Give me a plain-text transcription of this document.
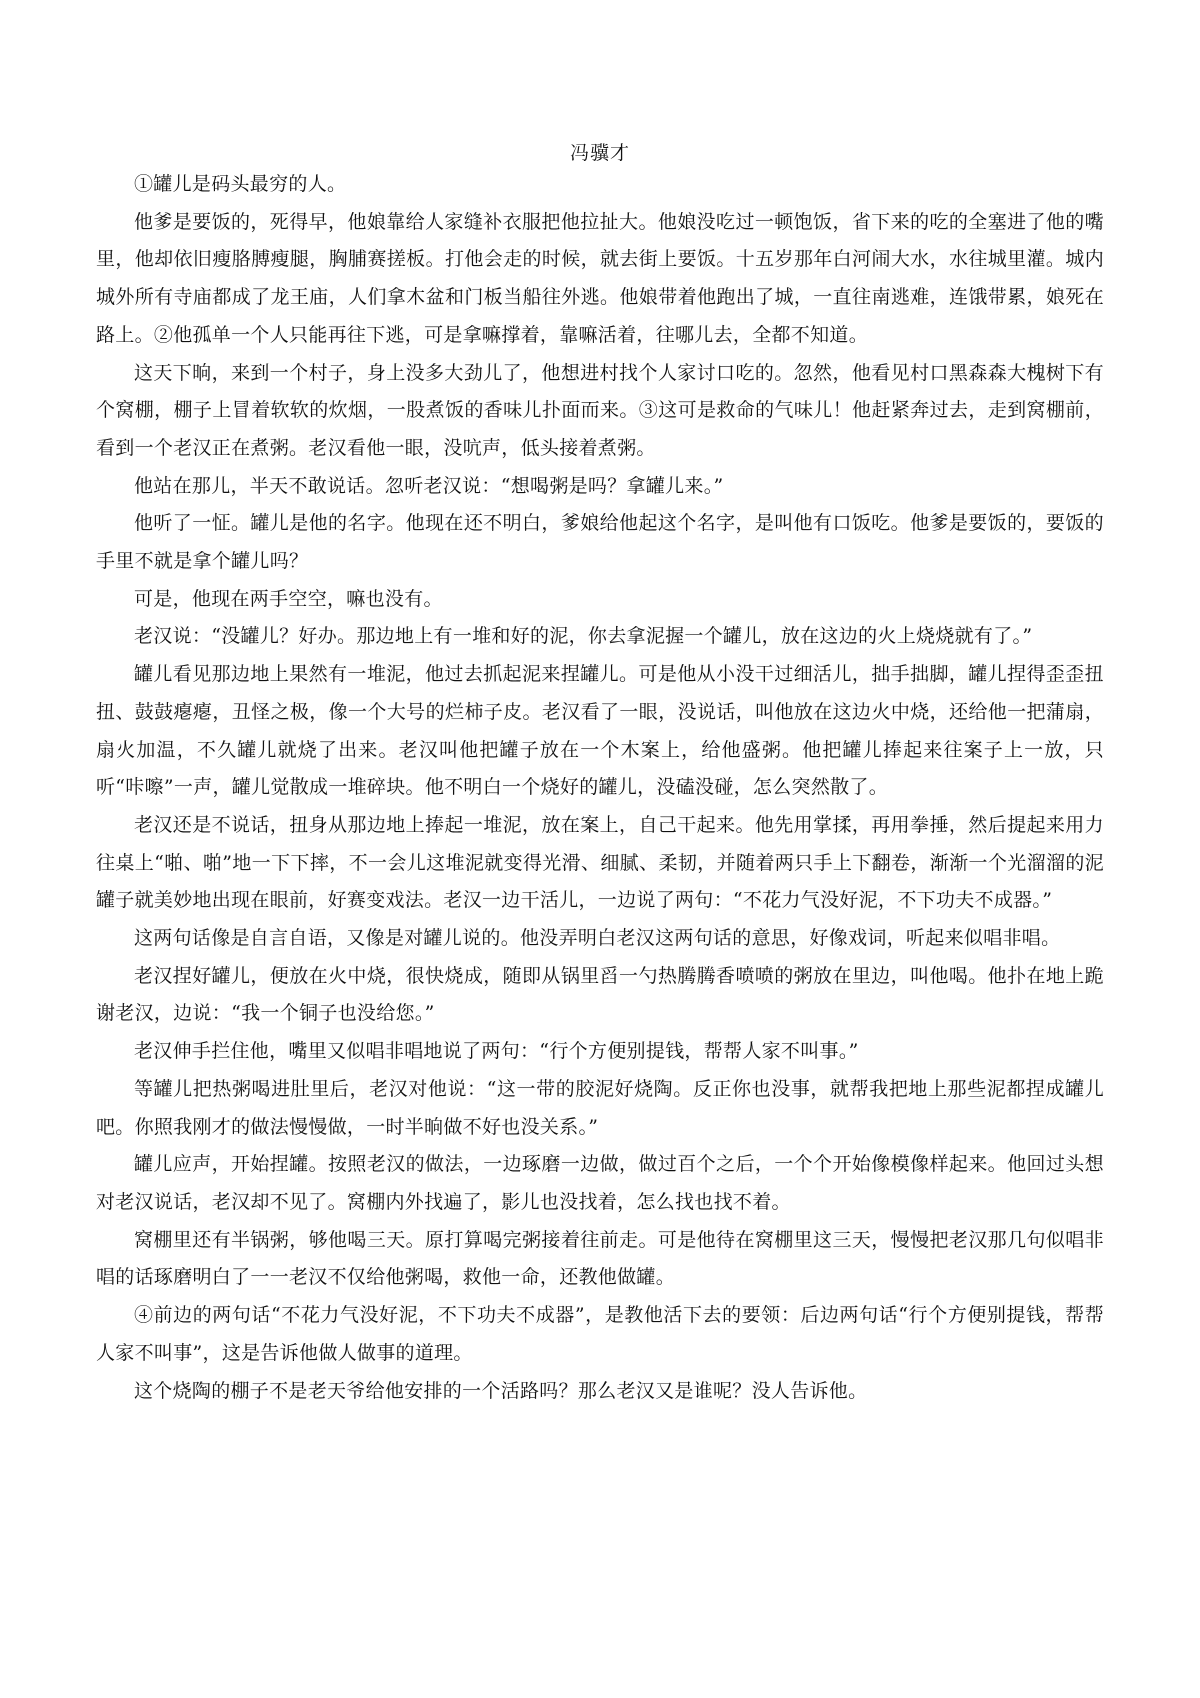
冯骥才

①罐儿是码头最穷的人。

他爹是要饭的，死得早，他娘靠给人家缝补衣服把他拉扯大。他娘没吃过一顿饱饭，省下来的吃的全塞进了他的嘴里，他却依旧瘦胳膊瘦腿，胸脯赛搓板。打他会走的时候，就去街上要饭。十五岁那年白河闹大水，水往城里灌。城内城外所有寺庙都成了龙王庙，人们拿木盆和门板当船往外逃。他娘带着他跑出了城，一直往南逃难，连饿带累，娘死在路上。②他孤单一个人只能再往下逃，可是拿嘛撑着，靠嘛活着，往哪儿去，全都不知道。

这天下晌，来到一个村子，身上没多大劲儿了，他想进村找个人家讨口吃的。忽然，他看见村口黑森森大槐树下有个窝棚，棚子上冒着软软的炊烟，一股煮饭的香味儿扑面而来。③这可是救命的气味儿！他赶紧奔过去，走到窝棚前，看到一个老汉正在煮粥。老汉看他一眼，没吭声，低头接着煮粥。

他站在那儿，半天不敢说话。忽听老汉说：“想喝粥是吗？拿罐儿来。”

他听了一怔。罐儿是他的名字。他现在还不明白，爹娘给他起这个名字，是叫他有口饭吃。他爹是要饭的，要饭的手里不就是拿个罐儿吗？

可是，他现在两手空空，嘛也没有。

老汉说：“没罐儿？好办。那边地上有一堆和好的泥，你去拿泥握一个罐儿，放在这边的火上烧烧就有了。”

罐儿看见那边地上果然有一堆泥，他过去抓起泥来捏罐儿。可是他从小没干过细活儿，拙手拙脚，罐儿捏得歪歪扭扭、鼓鼓瘪瘪，丑怪之极，像一个大号的烂柿子皮。老汉看了一眼，没说话，叫他放在这边火中烧，还给他一把蒲扇，扇火加温，不久罐儿就烧了出来。老汉叫他把罐子放在一个木案上，给他盛粥。他把罐儿捧起来往案子上一放，只听“咔嚓”一声，罐儿觉散成一堆碎块。他不明白一个烧好的罐儿，没磕没碰，怎么突然散了。

老汉还是不说话，扭身从那边地上捧起一堆泥，放在案上，自己干起来。他先用掌揉，再用拳捶，然后提起来用力往桌上“啪、啪”地一下下摔，不一会儿这堆泥就变得光滑、细腻、柔韧，并随着两只手上下翻卷，渐渐一个光溜溜的泥罐子就美妙地出现在眼前，好赛变戏法。老汉一边干活儿，一边说了两句：“不花力气没好泥，不下功夫不成器。”

这两句话像是自言自语，又像是对罐儿说的。他没弄明白老汉这两句话的意思，好像戏词，听起来似唱非唱。

老汉捏好罐儿，便放在火中烧，很快烧成，随即从锅里舀一勺热腾腾香喷喷的粥放在里边，叫他喝。他扑在地上跪谢老汉，边说：“我一个铜子也没给您。”

老汉伸手拦住他，嘴里又似唱非唱地说了两句：“行个方便别提钱，帮帮人家不叫事。”

等罐儿把热粥喝进肚里后，老汉对他说：“这一带的胶泥好烧陶。反正你也没事，就帮我把地上那些泥都捏成罐儿吧。你照我刚才的做法慢慢做，一时半晌做不好也没关系。”

罐儿应声，开始捏罐。按照老汉的做法，一边琢磨一边做，做过百个之后，一个个开始像模像样起来。他回过头想对老汉说话，老汉却不见了。窝棚内外找遍了，影儿也没找着，怎么找也找不着。

窝棚里还有半锅粥，够他喝三天。原打算喝完粥接着往前走。可是他待在窝棚里这三天，慢慢把老汉那几句似唱非唱的话琢磨明白了一一老汉不仅给他粥喝，救他一命，还教他做罐。

④前边的两句话“不花力气没好泥，不下功夫不成器”，是教他活下去的要领：后边两句话“行个方便别提钱，帮帮人家不叫事”，这是告诉他做人做事的道理。

这个烧陶的棚子不是老天爷给他安排的一个活路吗？那么老汉又是谁呢？没人告诉他。
